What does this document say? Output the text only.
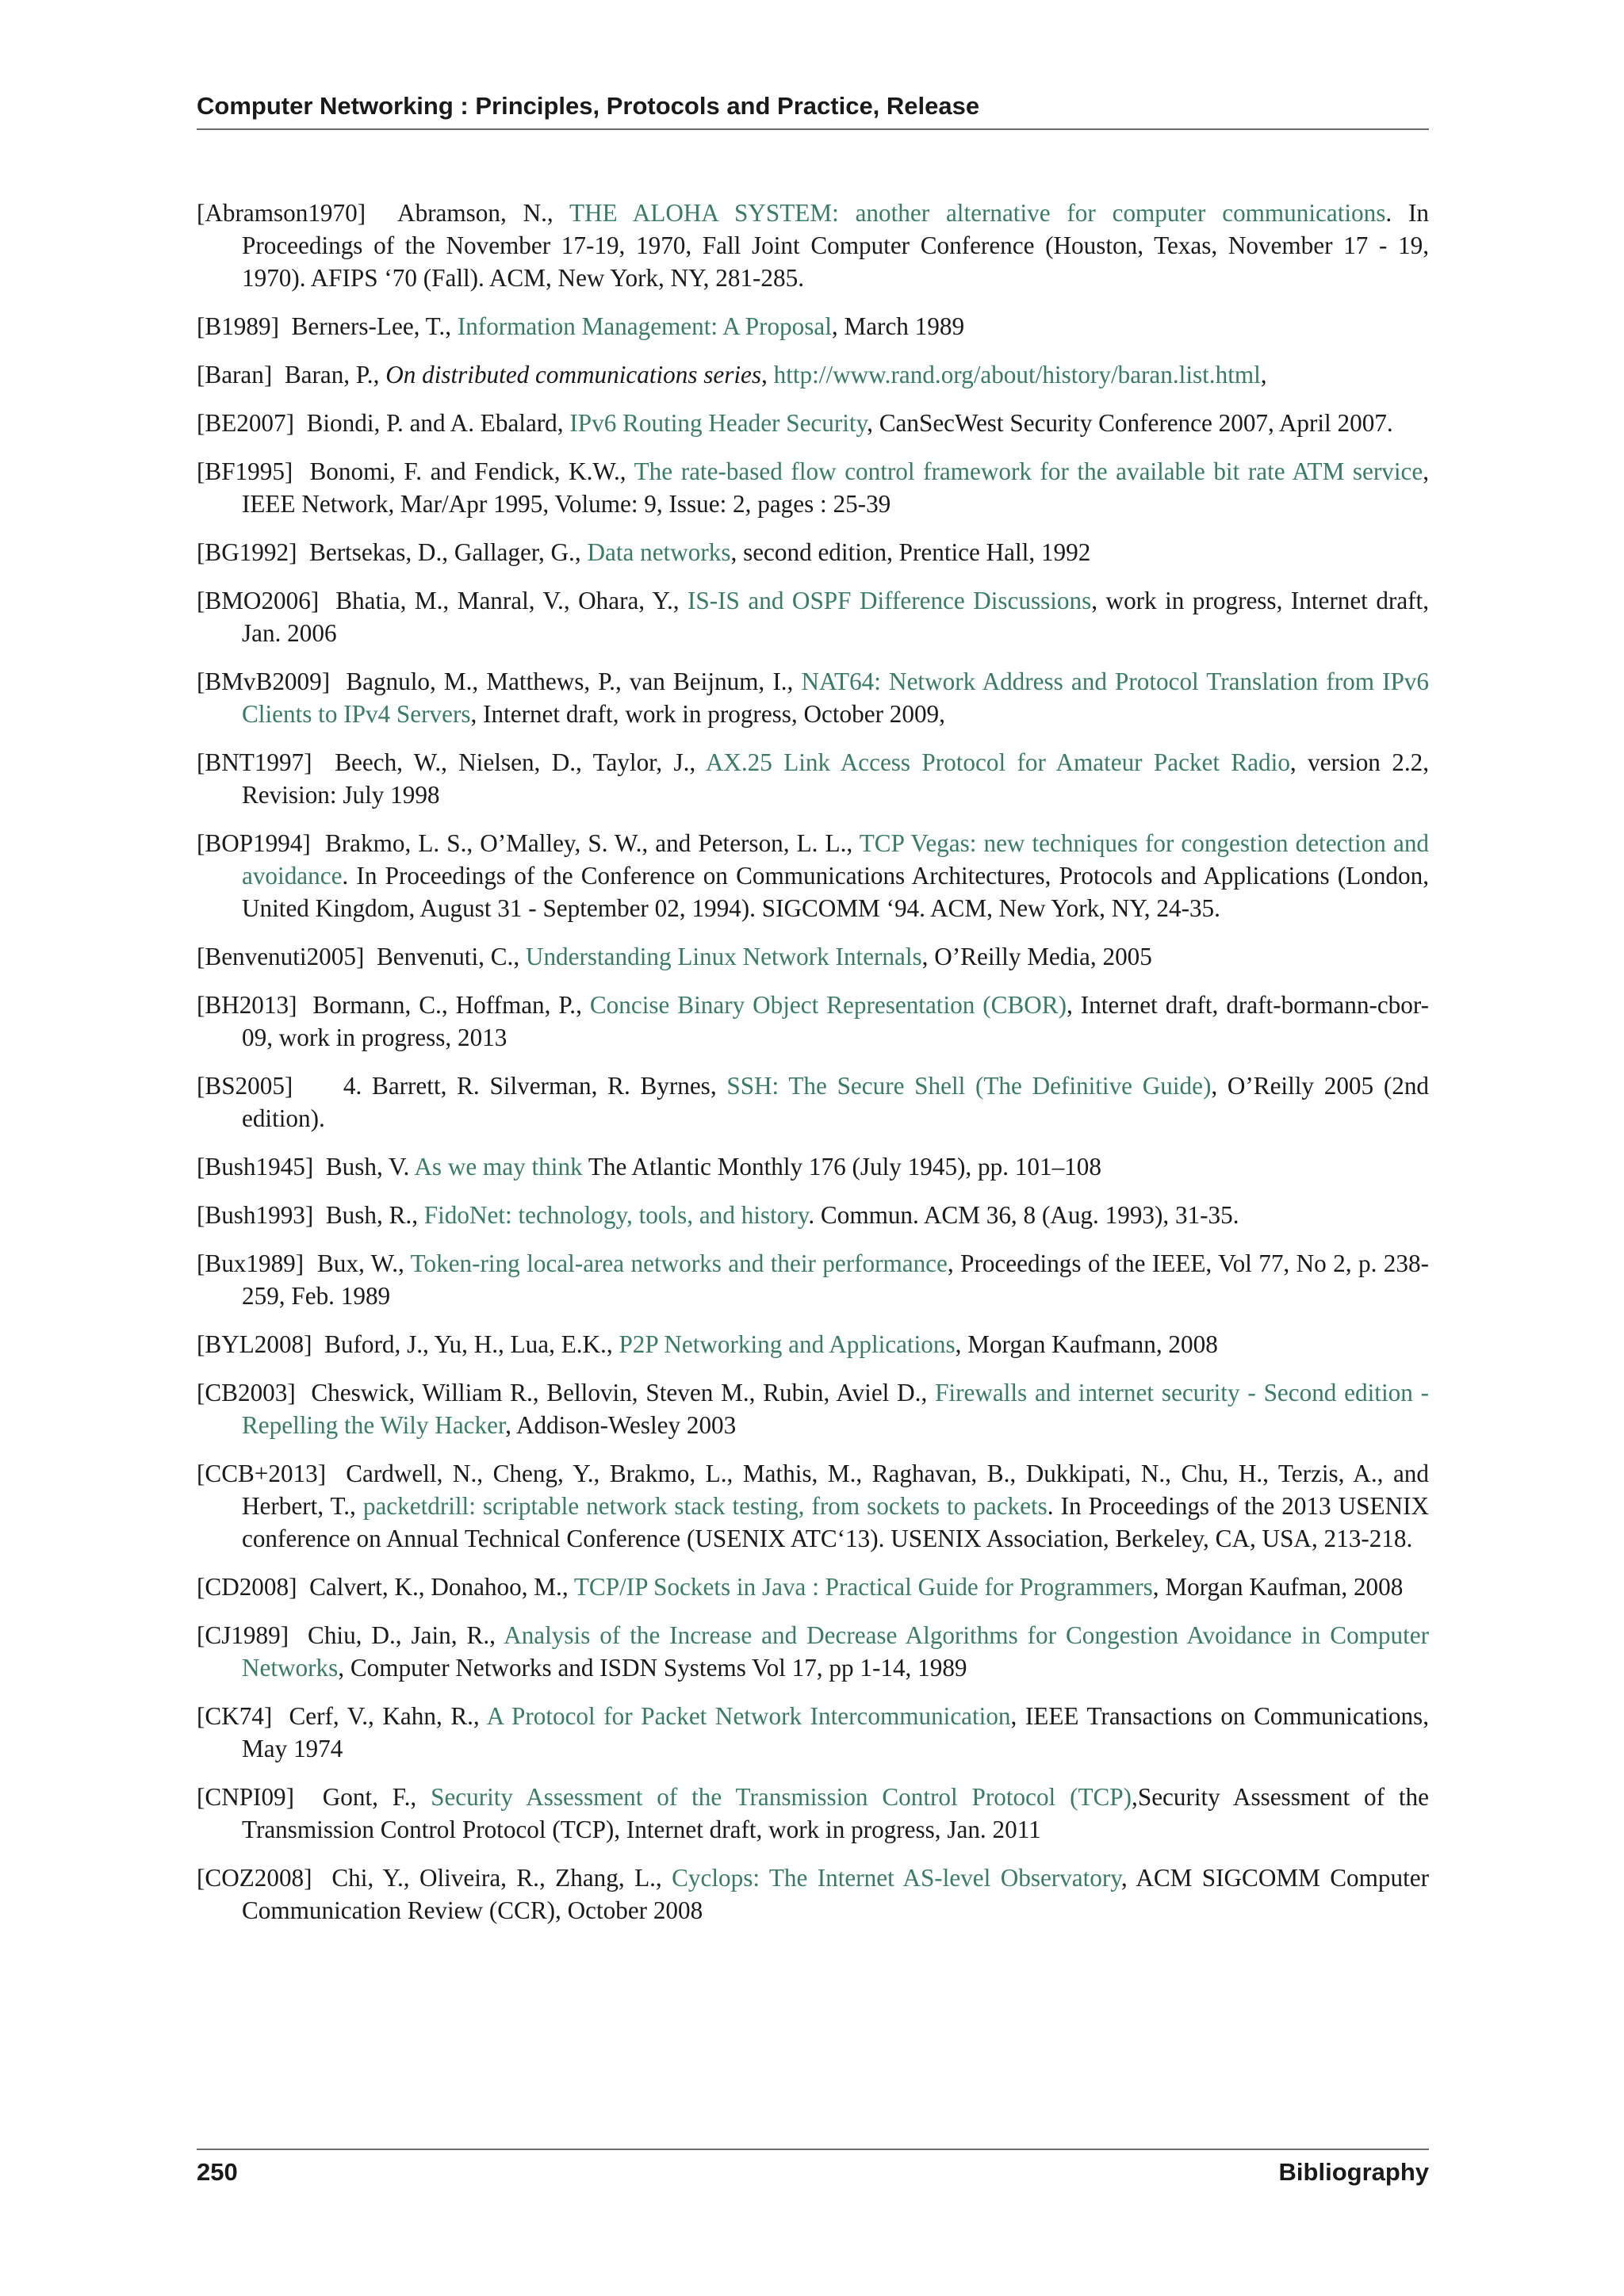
Computer Networking : Principles, Protocols and Practice, Release

[Abramson1970] Abramson, N., THE ALOHA SYSTEM: another alternative for computer communications. In Proceedings of the November 17-19, 1970, Fall Joint Computer Conference (Houston, Texas, November 17 - 19, 1970). AFIPS ‘70 (Fall). ACM, New York, NY, 281-285.

[B1989] Berners-Lee, T., Information Management: A Proposal, March 1989

[Baran] Baran, P., On distributed communications series, http://www.rand.org/about/history/baran.list.html,

[BE2007] Biondi, P. and A. Ebalard, IPv6 Routing Header Security, CanSecWest Security Conference 2007, April 2007.

[BF1995] Bonomi, F. and Fendick, K.W., The rate-based flow control framework for the available bit rate ATM service, IEEE Network, Mar/Apr 1995, Volume: 9, Issue: 2, pages : 25-39

[BG1992] Bertsekas, D., Gallager, G., Data networks, second edition, Prentice Hall, 1992

[BMO2006] Bhatia, M., Manral, V., Ohara, Y., IS-IS and OSPF Difference Discussions, work in progress, Internet draft, Jan. 2006

[BMvB2009] Bagnulo, M., Matthews, P., van Beijnum, I., NAT64: Network Address and Protocol Translation from IPv6 Clients to IPv4 Servers, Internet draft, work in progress, October 2009,

[BNT1997] Beech, W., Nielsen, D., Taylor, J., AX.25 Link Access Protocol for Amateur Packet Radio, version 2.2, Revision: July 1998

[BOP1994] Brakmo, L. S., O’Malley, S. W., and Peterson, L. L., TCP Vegas: new techniques for congestion detection and avoidance. In Proceedings of the Conference on Communications Architectures, Protocols and Applications (London, United Kingdom, August 31 - September 02, 1994). SIGCOMM ‘94. ACM, New York, NY, 24-35.

[Benvenuti2005] Benvenuti, C., Understanding Linux Network Internals, O’Reilly Media, 2005

[BH2013] Bormann, C., Hoffman, P., Concise Binary Object Representation (CBOR), Internet draft, draft-bormann-cbor-09, work in progress, 2013

[BS2005] 4. Barrett, R. Silverman, R. Byrnes, SSH: The Secure Shell (The Definitive Guide), O’Reilly 2005 (2nd edition).

[Bush1945] Bush, V. As we may think The Atlantic Monthly 176 (July 1945), pp. 101–108

[Bush1993] Bush, R., FidoNet: technology, tools, and history. Commun. ACM 36, 8 (Aug. 1993), 31-35.

[Bux1989] Bux, W., Token-ring local-area networks and their performance, Proceedings of the IEEE, Vol 77, No 2, p. 238-259, Feb. 1989

[BYL2008] Buford, J., Yu, H., Lua, E.K., P2P Networking and Applications, Morgan Kaufmann, 2008

[CB2003] Cheswick, William R., Bellovin, Steven M., Rubin, Aviel D., Firewalls and internet security - Second edition - Repelling the Wily Hacker, Addison-Wesley 2003

[CCB+2013] Cardwell, N., Cheng, Y., Brakmo, L., Mathis, M., Raghavan, B., Dukkipati, N., Chu, H., Terzis, A., and Herbert, T., packetdrill: scriptable network stack testing, from sockets to packets. In Proceedings of the 2013 USENIX conference on Annual Technical Conference (USENIX ATC‘13). USENIX Association, Berkeley, CA, USA, 213-218.

[CD2008] Calvert, K., Donahoo, M., TCP/IP Sockets in Java : Practical Guide for Programmers, Morgan Kaufman, 2008

[CJ1989] Chiu, D., Jain, R., Analysis of the Increase and Decrease Algorithms for Congestion Avoidance in Computer Networks, Computer Networks and ISDN Systems Vol 17, pp 1-14, 1989

[CK74] Cerf, V., Kahn, R., A Protocol for Packet Network Intercommunication, IEEE Transactions on Communications, May 1974

[CNPI09] Gont, F., Security Assessment of the Transmission Control Protocol (TCP),Security Assessment of the Transmission Control Protocol (TCP), Internet draft, work in progress, Jan. 2011

[COZ2008] Chi, Y., Oliveira, R., Zhang, L., Cyclops: The Internet AS-level Observatory, ACM SIGCOMM Computer Communication Review (CCR), October 2008

250	Bibliography
